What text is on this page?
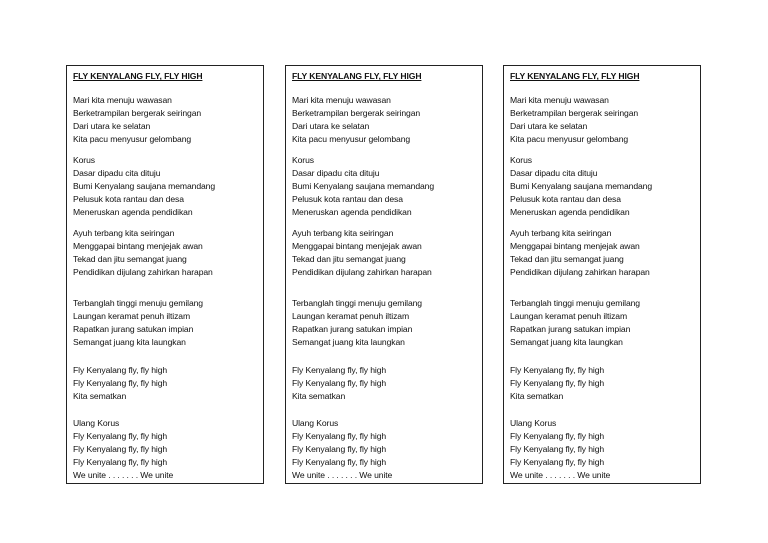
FLY KENYALANG FLY, FLY HIGH
Mari kita menuju wawasan
Berketrampilan bergerak seiringan
Dari utara ke selatan
Kita pacu menyusur gelombang
Korus
Dasar dipadu cita dituju
Bumi Kenyalang saujana memandang
Pelusuk kota rantau dan desa
Meneruskan agenda pendidikan
Ayuh terbang kita seiringan
Menggapai bintang menjejak awan
Tekad dan jitu semangat juang
Pendidikan dijulang zahirkan harapan
Terbanglah tinggi menuju gemilang
Laungan keramat penuh iltizam
Rapatkan jurang satukan impian
Semangat juang kita laungkan
Fly Kenyalang fly, fly high
Fly Kenyalang fly, fly high
Kita sematkan
Ulang Korus
Fly Kenyalang fly, fly high
Fly Kenyalang fly, fly high
Fly Kenyalang fly, fly high
We unite . . . . . . . We unite
FLY KENYALANG FLY, FLY HIGH
Mari kita menuju wawasan
Berketrampilan bergerak seiringan
Dari utara ke selatan
Kita pacu menyusur gelombang
Korus
Dasar dipadu cita dituju
Bumi Kenyalang saujana memandang
Pelusuk kota rantau dan desa
Meneruskan agenda pendidikan
Ayuh terbang kita seiringan
Menggapai bintang menjejak awan
Tekad dan jitu semangat juang
Pendidikan dijulang zahirkan harapan
Terbanglah tinggi menuju gemilang
Laungan keramat penuh iltizam
Rapatkan jurang satukan impian
Semangat juang kita laungkan
Fly Kenyalang fly, fly high
Fly Kenyalang fly, fly high
Kita sematkan
Ulang Korus
Fly Kenyalang fly, fly high
Fly Kenyalang fly, fly high
Fly Kenyalang fly, fly high
We unite . . . . . . . We unite
FLY KENYALANG FLY, FLY HIGH
Mari kita menuju wawasan
Berketrampilan bergerak seiringan
Dari utara ke selatan
Kita pacu menyusur gelombang
Korus
Dasar dipadu cita dituju
Bumi Kenyalang saujana memandang
Pelusuk kota rantau dan desa
Meneruskan agenda pendidikan
Ayuh terbang kita seiringan
Menggapai bintang menjejak awan
Tekad dan jitu semangat juang
Pendidikan dijulang zahirkan harapan
Terbanglah tinggi menuju gemilang
Laungan keramat penuh iltizam
Rapatkan jurang satukan impian
Semangat juang kita laungkan
Fly Kenyalang fly, fly high
Fly Kenyalang fly, fly high
Kita sematkan
Ulang Korus
Fly Kenyalang fly, fly high
Fly Kenyalang fly, fly high
Fly Kenyalang fly, fly high
We unite . . . . . . . We unite
